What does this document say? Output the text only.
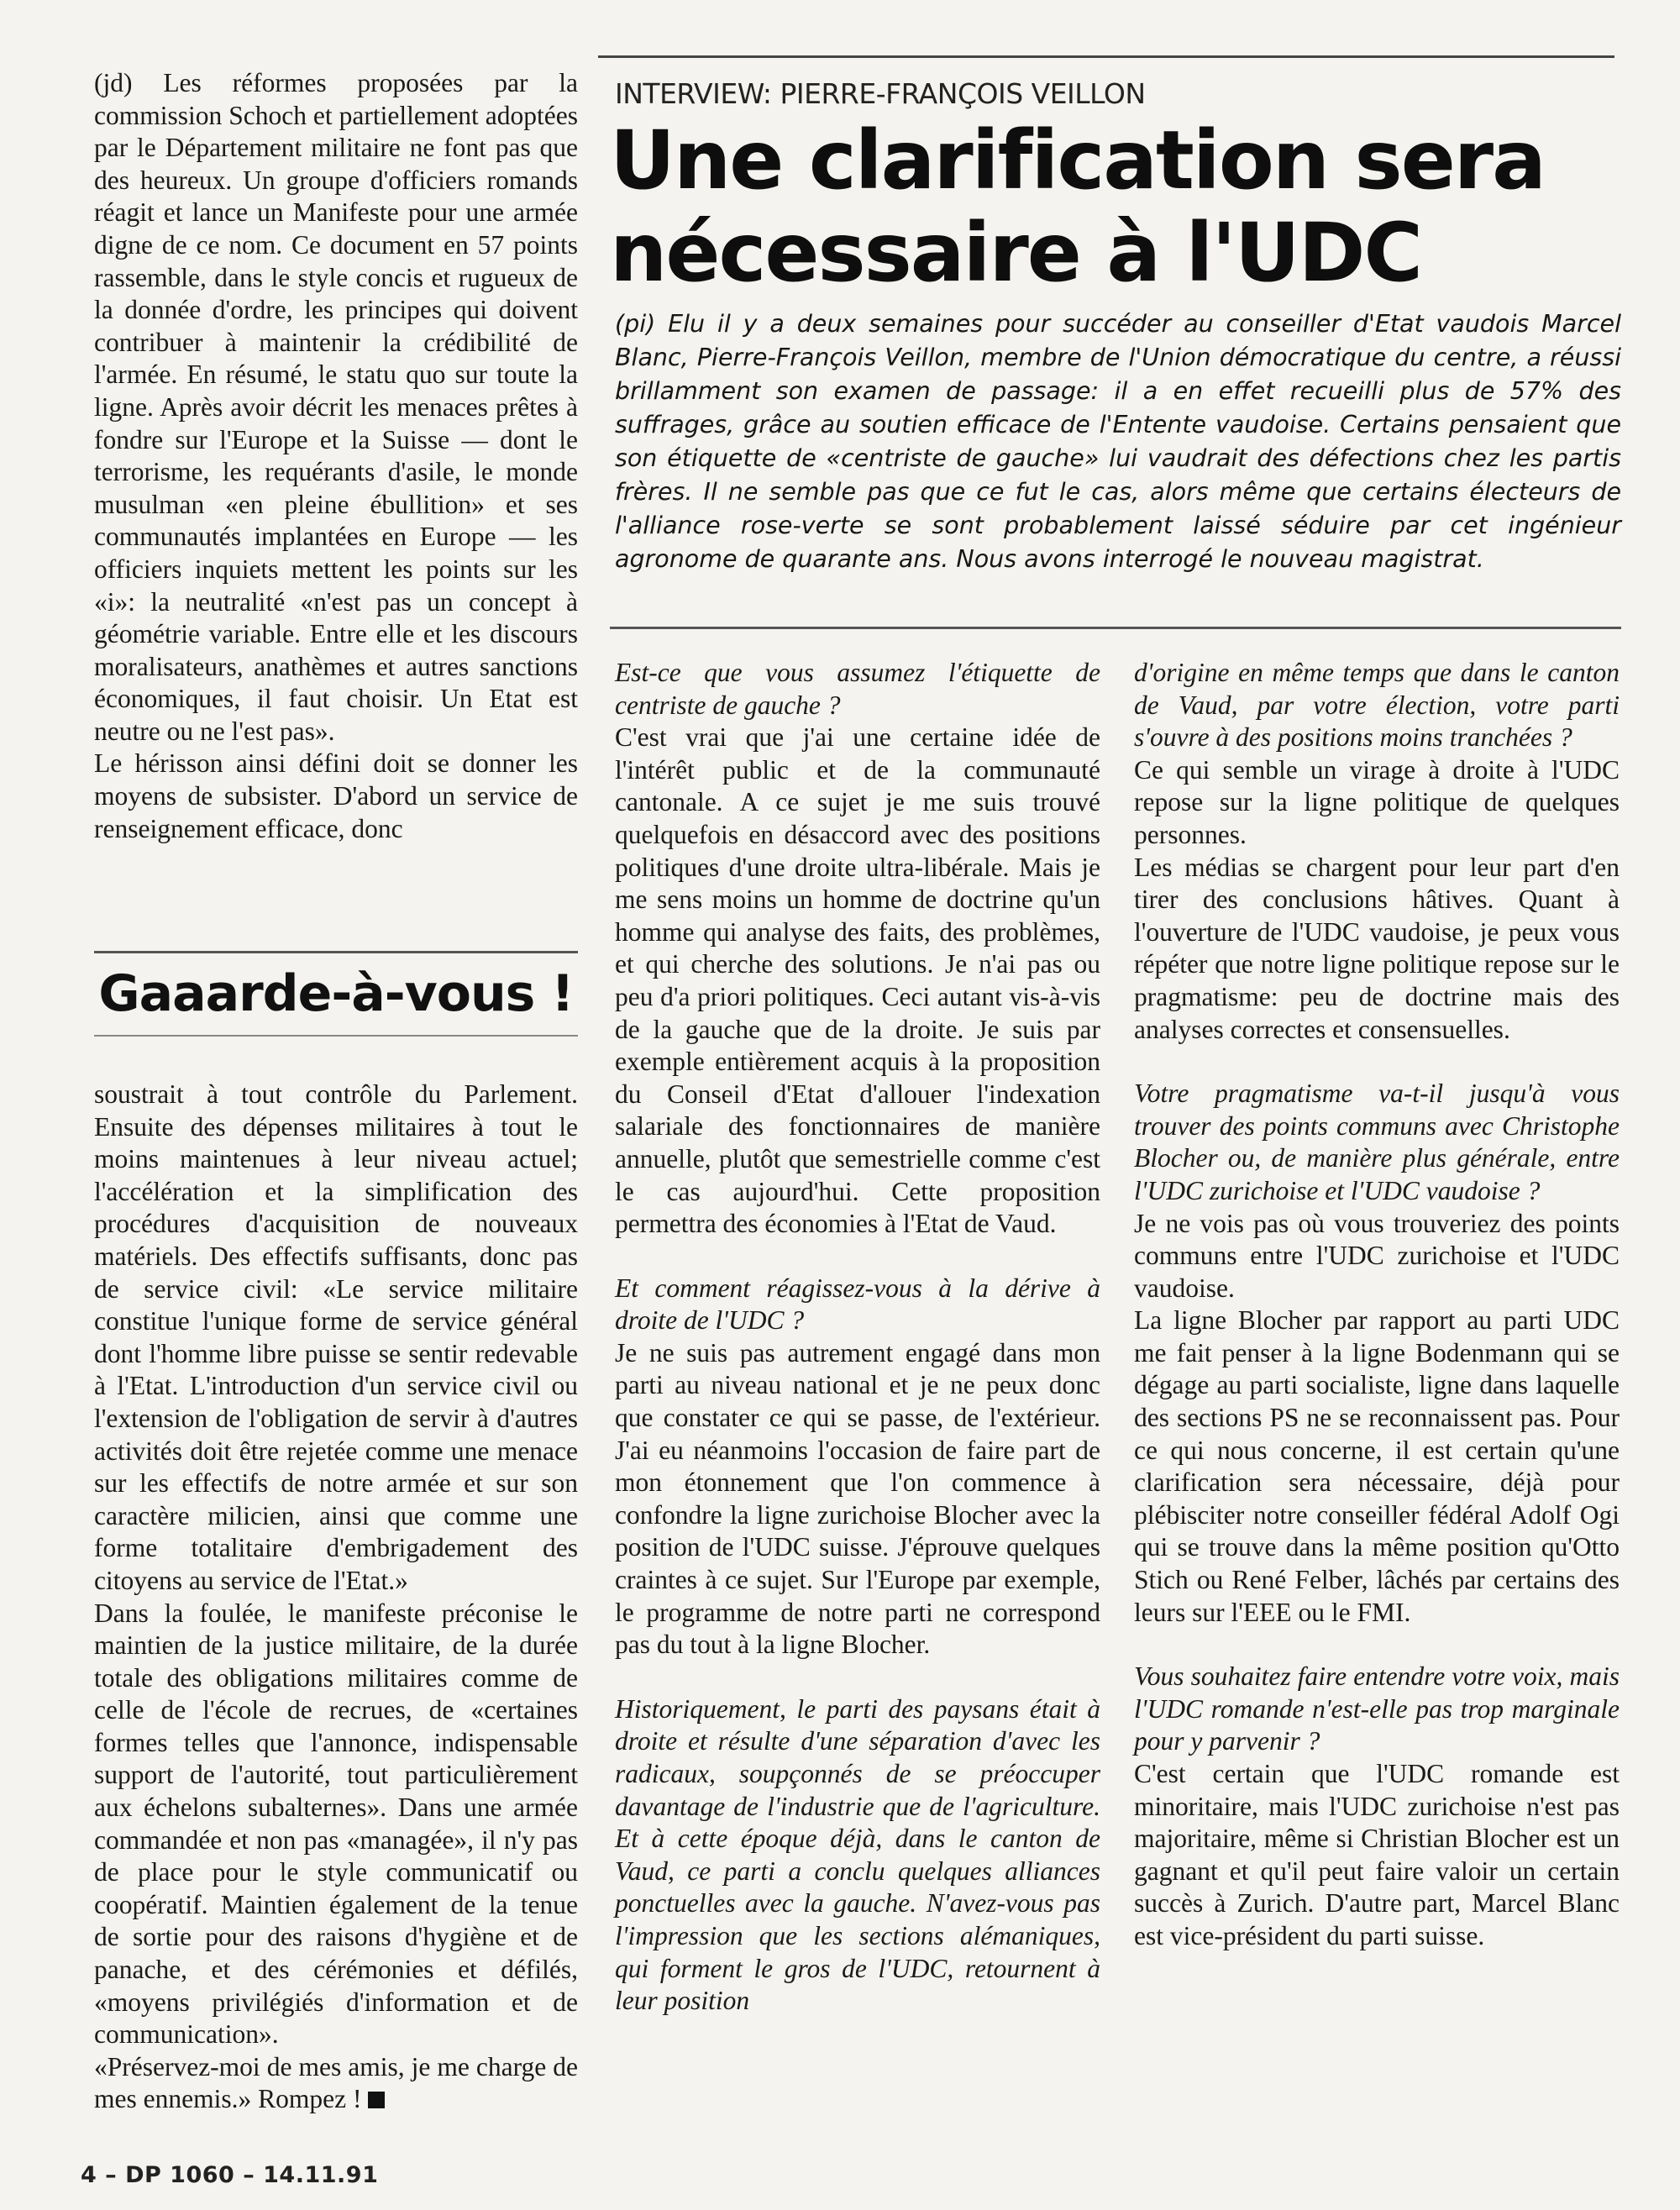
(jd) Les réformes proposées par la commission Schoch et partiellement adoptées par le Département militaire ne font pas que des heureux. Un groupe d'officiers romands réagit et lance un Manifeste pour une armée digne de ce nom. Ce document en 57 points rassemble, dans le style concis et rugueux de la donnée d'ordre, les principes qui doivent contribuer à maintenir la crédibilité de l'armée. En résumé, le statu quo sur toute la ligne. Après avoir décrit les menaces prêtes à fondre sur l'Europe et la Suisse — dont le terrorisme, les requérants d'asile, le monde musulman «en pleine ébullition» et ses communautés implantées en Europe — les officiers inquiets mettent les points sur les «i»: la neutralité «n'est pas un concept à géométrie variable. Entre elle et les discours moralisateurs, anathèmes et autres sanctions économiques, il faut choisir. Un Etat est neutre ou ne l'est pas».

Le hérisson ainsi défini doit se donner les moyens de subsister. D'abord un service de renseignement efficace, donc

Gaaarde-à-vous !

soustrait à tout contrôle du Parlement. Ensuite des dépenses militaires à tout le moins maintenues à leur niveau actuel; l'accélération et la simplification des procédures d'acquisition de nouveaux matériels. Des effectifs suffisants, donc pas de service civil: «Le service militaire constitue l'unique forme de service général dont l'homme libre puisse se sentir redevable à l'Etat. L'introduction d'un service civil ou l'extension de l'obligation de servir à d'autres activités doit être rejetée comme une menace sur les effectifs de notre armée et sur son caractère milicien, ainsi que comme une forme totalitaire d'embrigadement des citoyens au service de l'Etat.»

Dans la foulée, le manifeste préconise le maintien de la justice militaire, de la durée totale des obligations militaires comme de celle de l'école de recrues, de «certaines formes telles que l'annonce, indispensable support de l'autorité, tout particulièrement aux échelons subalternes». Dans une armée commandée et non pas «managée», il n'y pas de place pour le style communicatif ou coopératif. Maintien également de la tenue de sortie pour des raisons d'hygiène et de panache, et des cérémonies et défilés, «moyens privilégiés d'information et de communication».

«Préservez-moi de mes amis, je me charge de mes ennemis.» Rompez !

INTERVIEW: PIERRE-FRANÇOIS VEILLON
Une clarification sera
nécessaire à l'UDC
(pi) Elu il y a deux semaines pour succéder au conseiller d'Etat vaudois Marcel Blanc, Pierre-François Veillon, membre de l'Union démocratique du centre, a réussi brillamment son examen de passage: il a en effet recueilli plus de 57% des suffrages, grâce au soutien efficace de l'Entente vaudoise. Certains pensaient que son étiquette de «centriste de gauche» lui vaudrait des défections chez les partis frères. Il ne semble pas que ce fut le cas, alors même que certains électeurs de l'alliance rose-verte se sont probablement laissé séduire par cet ingénieur agronome de quarante ans. Nous avons interrogé le nouveau magistrat.

Est-ce que vous assumez l'étiquette de centriste de gauche ?

C'est vrai que j'ai une certaine idée de l'intérêt public et de la communauté cantonale. A ce sujet je me suis trouvé quelquefois en désaccord avec des positions politiques d'une droite ultra-libérale. Mais je me sens moins un homme de doctrine qu'un homme qui analyse des faits, des problèmes, et qui cherche des solutions. Je n'ai pas ou peu d'a priori politiques. Ceci autant vis-à-vis de la gauche que de la droite. Je suis par exemple entièrement acquis à la proposition du Conseil d'Etat d'allouer l'indexation salariale des fonctionnaires de manière annuelle, plutôt que semestrielle comme c'est le cas aujourd'hui. Cette proposition permettra des économies à l'Etat de Vaud.

Et comment réagissez-vous à la dérive à droite de l'UDC ?

Je ne suis pas autrement engagé dans mon parti au niveau national et je ne peux donc que constater ce qui se passe, de l'extérieur. J'ai eu néanmoins l'occasion de faire part de mon étonnement que l'on commence à confondre la ligne zurichoise Blocher avec la position de l'UDC suisse. J'éprouve quelques craintes à ce sujet. Sur l'Europe par exemple, le programme de notre parti ne correspond pas du tout à la ligne Blocher.

Historiquement, le parti des paysans était à droite et résulte d'une séparation d'avec les radicaux, soupçonnés de se préoccuper davantage de l'industrie que de l'agriculture. Et à cette époque déjà, dans le canton de Vaud, ce parti a conclu quelques alliances ponctuelles avec la gauche. N'avez-vous pas l'impression que les sections alémaniques, qui forment le gros de l'UDC, retournent à leur position

d'origine en même temps que dans le canton de Vaud, par votre élection, votre parti s'ouvre à des positions moins tranchées ?

Ce qui semble un virage à droite à l'UDC repose sur la ligne politique de quelques personnes.

Les médias se chargent pour leur part d'en tirer des conclusions hâtives. Quant à l'ouverture de l'UDC vaudoise, je peux vous répéter que notre ligne politique repose sur le pragmatisme: peu de doctrine mais des analyses correctes et consensuelles.

Votre pragmatisme va-t-il jusqu'à vous trouver des points communs avec Christophe Blocher ou, de manière plus générale, entre l'UDC zurichoise et l'UDC vaudoise ?

Je ne vois pas où vous trouveriez des points communs entre l'UDC zurichoise et l'UDC vaudoise.

La ligne Blocher par rapport au parti UDC me fait penser à la ligne Bodenmann qui se dégage au parti socialiste, ligne dans laquelle des sections PS ne se reconnaissent pas. Pour ce qui nous concerne, il est certain qu'une clarification sera nécessaire, déjà pour plébisciter notre conseiller fédéral Adolf Ogi qui se trouve dans la même position qu'Otto Stich ou René Felber, lâchés par certains des leurs sur l'EEE ou le FMI.

Vous souhaitez faire entendre votre voix, mais l'UDC romande n'est-elle pas trop marginale pour y parvenir ?

C'est certain que l'UDC romande est minoritaire, mais l'UDC zurichoise n'est pas majoritaire, même si Christian Blocher est un gagnant et qu'il peut faire valoir un certain succès à Zurich. D'autre part, Marcel Blanc est vice-président du parti suisse.

4 – DP 1060 – 14.11.91
